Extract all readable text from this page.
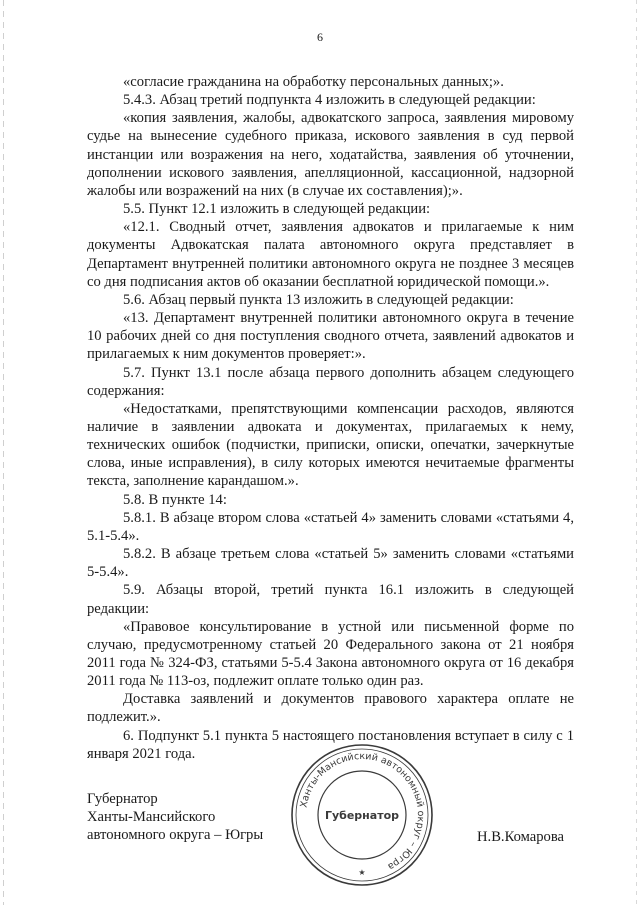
6

«согласие гражданина на обработку персональных данных;».

5.4.3. Абзац третий подпункта 4 изложить в следующей редакции:

«копия заявления, жалобы, адвокатского запроса, заявления мировому судье на вынесение судебного приказа, искового заявления в суд первой инстанции или возражения на него, ходатайства, заявления об уточнении, дополнении искового заявления, апелляционной, кассационной, надзорной жалобы или возражений на них (в случае их составления);».

5.5. Пункт 12.1 изложить в следующей редакции:

«12.1. Сводный отчет, заявления адвокатов и прилагаемые к ним документы Адвокатская палата автономного округа представляет в Департамент внутренней политики автономного округа не позднее 3 месяцев со дня подписания актов об оказании бесплатной юридической помощи.».

5.6. Абзац первый пункта 13 изложить в следующей редакции:

«13. Департамент внутренней политики автономного округа в течение 10 рабочих дней со дня поступления сводного отчета, заявлений адвокатов и прилагаемых к ним документов проверяет:».

5.7. Пункт 13.1 после абзаца первого дополнить абзацем следующего содержания:

«Недостатками, препятствующими компенсации расходов, являются наличие в заявлении адвоката и документах, прилагаемых к нему, технических ошибок (подчистки, приписки, описки, опечатки, зачеркнутые слова, иные исправления), в силу которых имеются нечитаемые фрагменты текста, заполнение карандашом.».

5.8. В пункте 14:

5.8.1. В абзаце втором слова «статьей 4» заменить словами «статьями 4, 5.1-5.4».

5.8.2. В абзаце третьем слова «статьей 5» заменить словами «статьями 5-5.4».

5.9. Абзацы второй, третий пункта 16.1 изложить в следующей редакции:

«Правовое консультирование в устной или письменной форме по случаю, предусмотренному статьей 20 Федерального закона от 21 ноября 2011 года № 324-ФЗ, статьями 5-5.4 Закона автономного округа от 16 декабря 2011 года № 113-оз, подлежит оплате только один раз.

Доставка заявлений и документов правового характера оплате не подлежит.».

6. Подпункт 5.1 пункта 5 настоящего постановления вступает в силу с 1 января 2021 года.

Губернатор
Ханты-Мансийского
автономного округа – Югры
Ханты-Мансийский автономный округ – Югра
Губернатор
★
Н.В.Комарова
